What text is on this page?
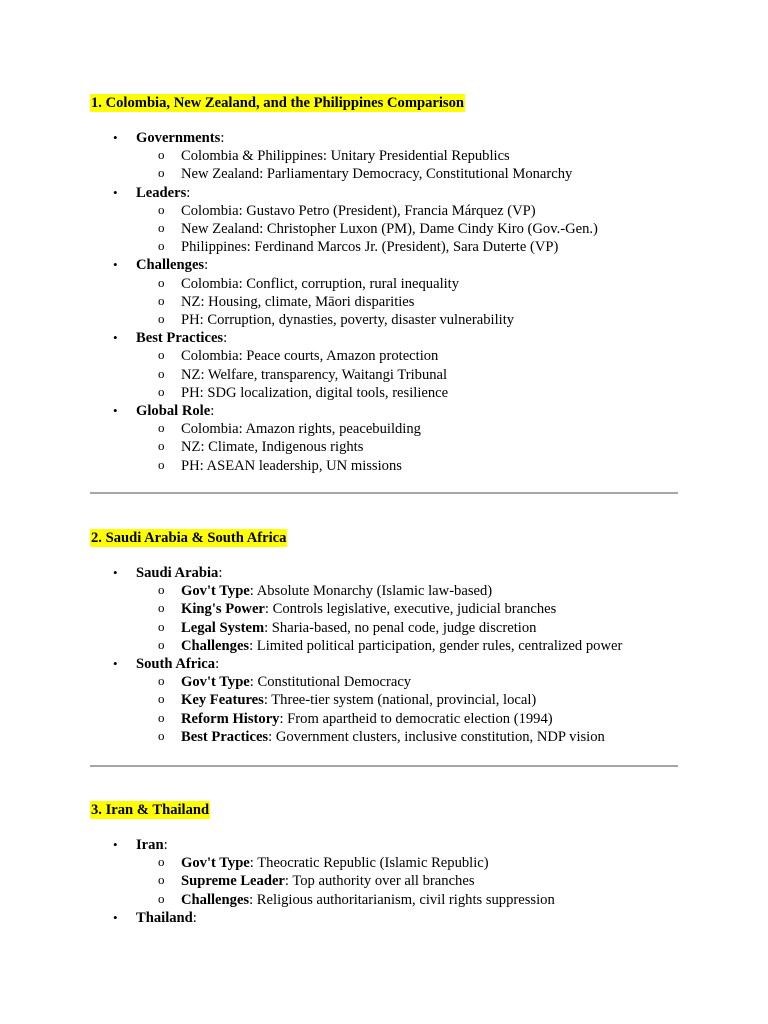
1. Colombia, New Zealand, and the Philippines Comparison
• Governments:
o Colombia & Philippines: Unitary Presidential Republics
o New Zealand: Parliamentary Democracy, Constitutional Monarchy
• Leaders:
o Colombia: Gustavo Petro (President), Francia Márquez (VP)
o New Zealand: Christopher Luxon (PM), Dame Cindy Kiro (Gov.-Gen.)
o Philippines: Ferdinand Marcos Jr. (President), Sara Duterte (VP)
• Challenges:
o Colombia: Conflict, corruption, rural inequality
o NZ: Housing, climate, Māori disparities
o PH: Corruption, dynasties, poverty, disaster vulnerability
• Best Practices:
o Colombia: Peace courts, Amazon protection
o NZ: Welfare, transparency, Waitangi Tribunal
o PH: SDG localization, digital tools, resilience
• Global Role:
o Colombia: Amazon rights, peacebuilding
o NZ: Climate, Indigenous rights
o PH: ASEAN leadership, UN missions
2. Saudi Arabia & South Africa
• Saudi Arabia:
o Gov't Type: Absolute Monarchy (Islamic law-based)
o King's Power: Controls legislative, executive, judicial branches
o Legal System: Sharia-based, no penal code, judge discretion
o Challenges: Limited political participation, gender rules, centralized power
• South Africa:
o Gov't Type: Constitutional Democracy
o Key Features: Three-tier system (national, provincial, local)
o Reform History: From apartheid to democratic election (1994)
o Best Practices: Government clusters, inclusive constitution, NDP vision
3. Iran & Thailand
• Iran:
o Gov't Type: Theocratic Republic (Islamic Republic)
o Supreme Leader: Top authority over all branches
o Challenges: Religious authoritarianism, civil rights suppression
• Thailand:
